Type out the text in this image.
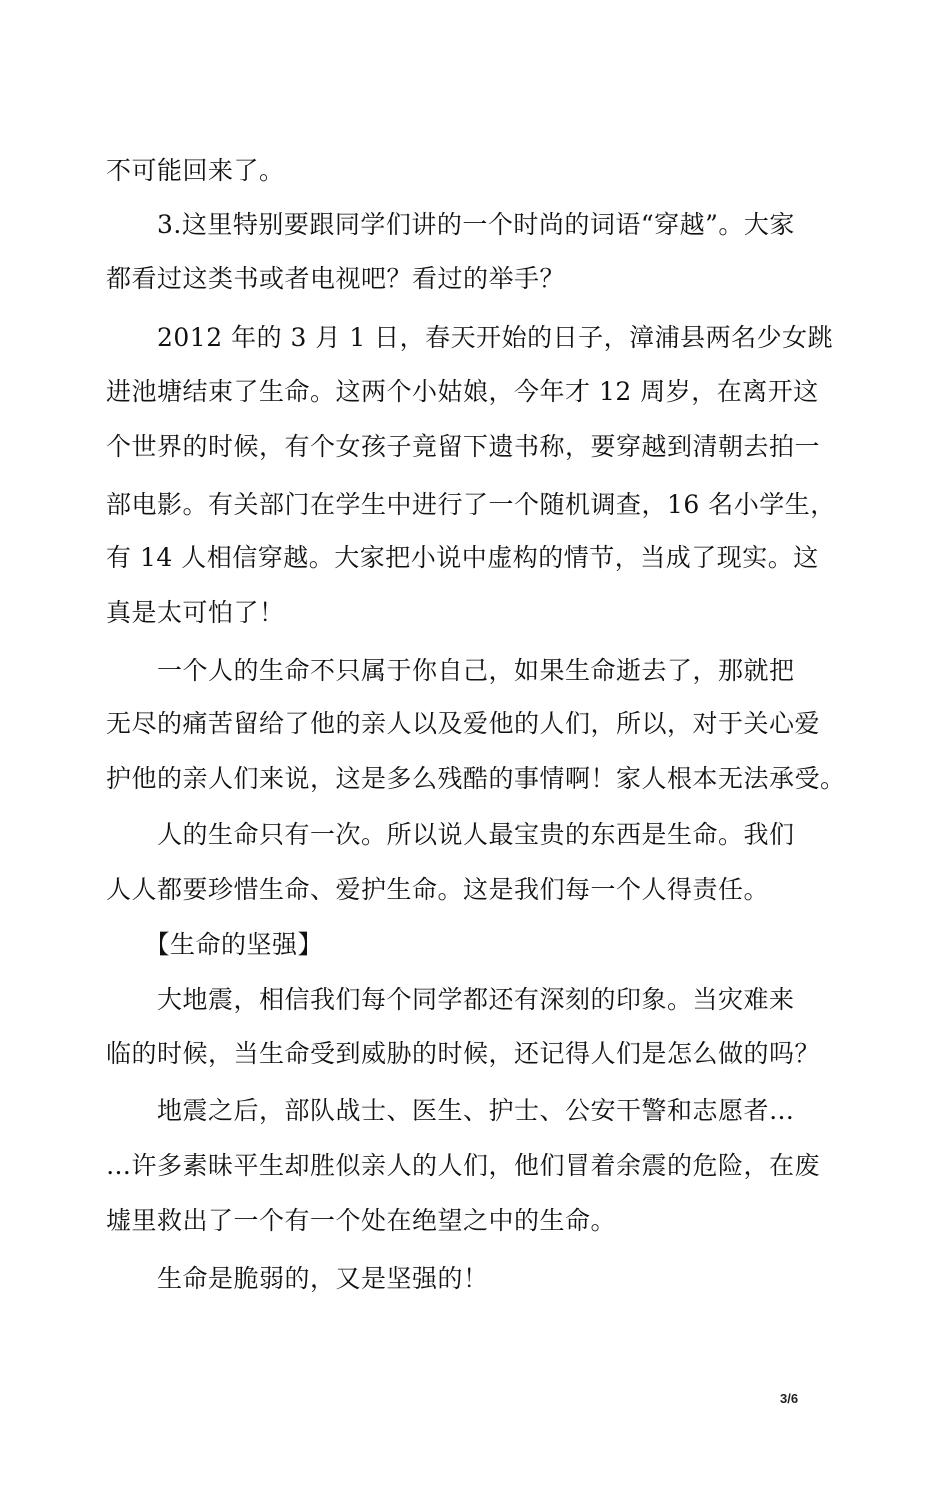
不可能回来了。
　　3.这里特别要跟同学们讲的一个时尚的词语“穿越”。大家
都看过这类书或者电视吧？看过的举手？
　　2012 年的 3 月 1 日，春天开始的日子，漳浦县两名少女跳
进池塘结束了生命。这两个小姑娘，今年才 12 周岁，在离开这
个世界的时候，有个女孩子竟留下遗书称，要穿越到清朝去拍一
部电影。有关部门在学生中进行了一个随机调查，16 名小学生，
有 14 人相信穿越。大家把小说中虚构的情节，当成了现实。这
真是太可怕了！
　　一个人的生命不只属于你自己，如果生命逝去了，那就把
无尽的痛苦留给了他的亲人以及爱他的人们，所以，对于关心爱
护他的亲人们来说，这是多么残酷的事情啊！家人根本无法承受。
　　人的生命只有一次。所以说人最宝贵的东西是生命。我们
人人都要珍惜生命、爱护生命。这是我们每一个人得责任。
　　【生命的坚强】
　　大地震，相信我们每个同学都还有深刻的印象。当灾难来
临的时候，当生命受到威胁的时候，还记得人们是怎么做的吗？
　　地震之后，部队战士、医生、护士、公安干警和志愿者…
…许多素昧平生却胜似亲人的人们，他们冒着余震的危险，在废
墟里救出了一个有一个处在绝望之中的生命。
　　生命是脆弱的，又是坚强的！
3/6
